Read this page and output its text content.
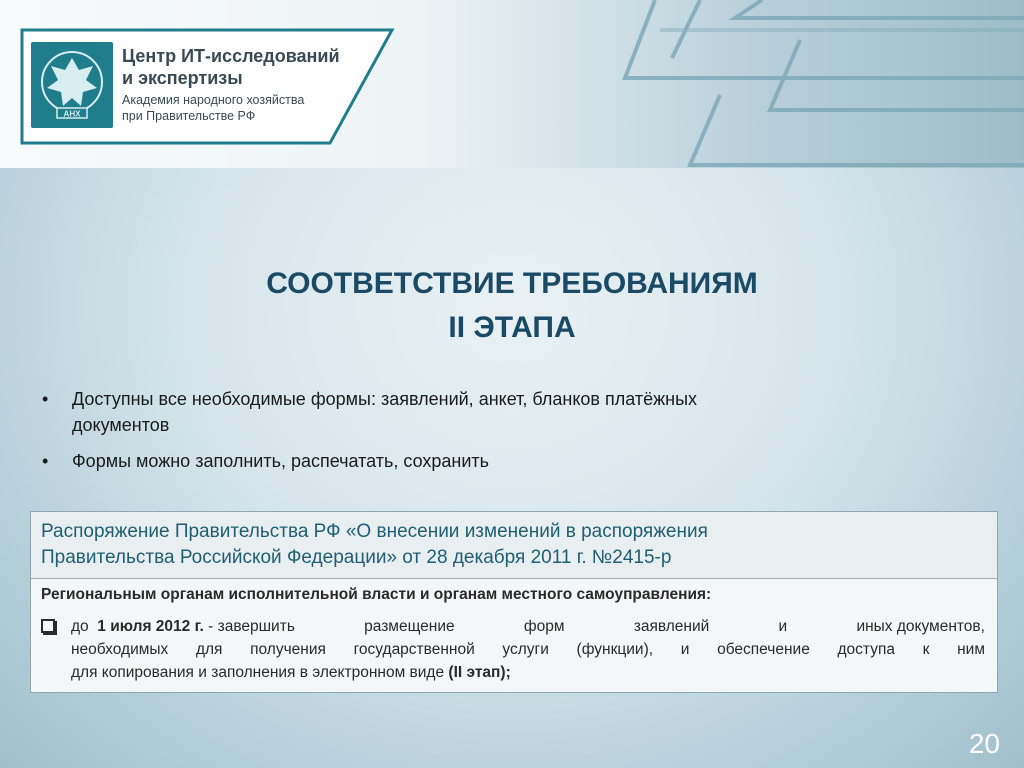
АНХ
Центр ИТ-исследований
и экспертизы
Академия народного хозяйства
при Правительстве РФ
СООТВЕТСТВИЕ ТРЕБОВАНИЯМ
II ЭТАПА
• Доступны все необходимые формы: заявлений, анкет, бланков платёжных
документов
• Формы можно заполнить, распечатать, сохранить
Распоряжение Правительства РФ «О внесении изменений в распоряжения
Правительства Российской Федерации» от 28 декабря 2011 г. №2415-р
Региональным органам исполнительной власти и органам местного самоуправления:
до 1 июля 2012 г. - завершить	размещение	форм	заявлений	и	иных документов,
необходимых для получения государственной услуги (функции), и обеспечение доступа к ним
для копирования и заполнения в электронном виде (II этап);
20
